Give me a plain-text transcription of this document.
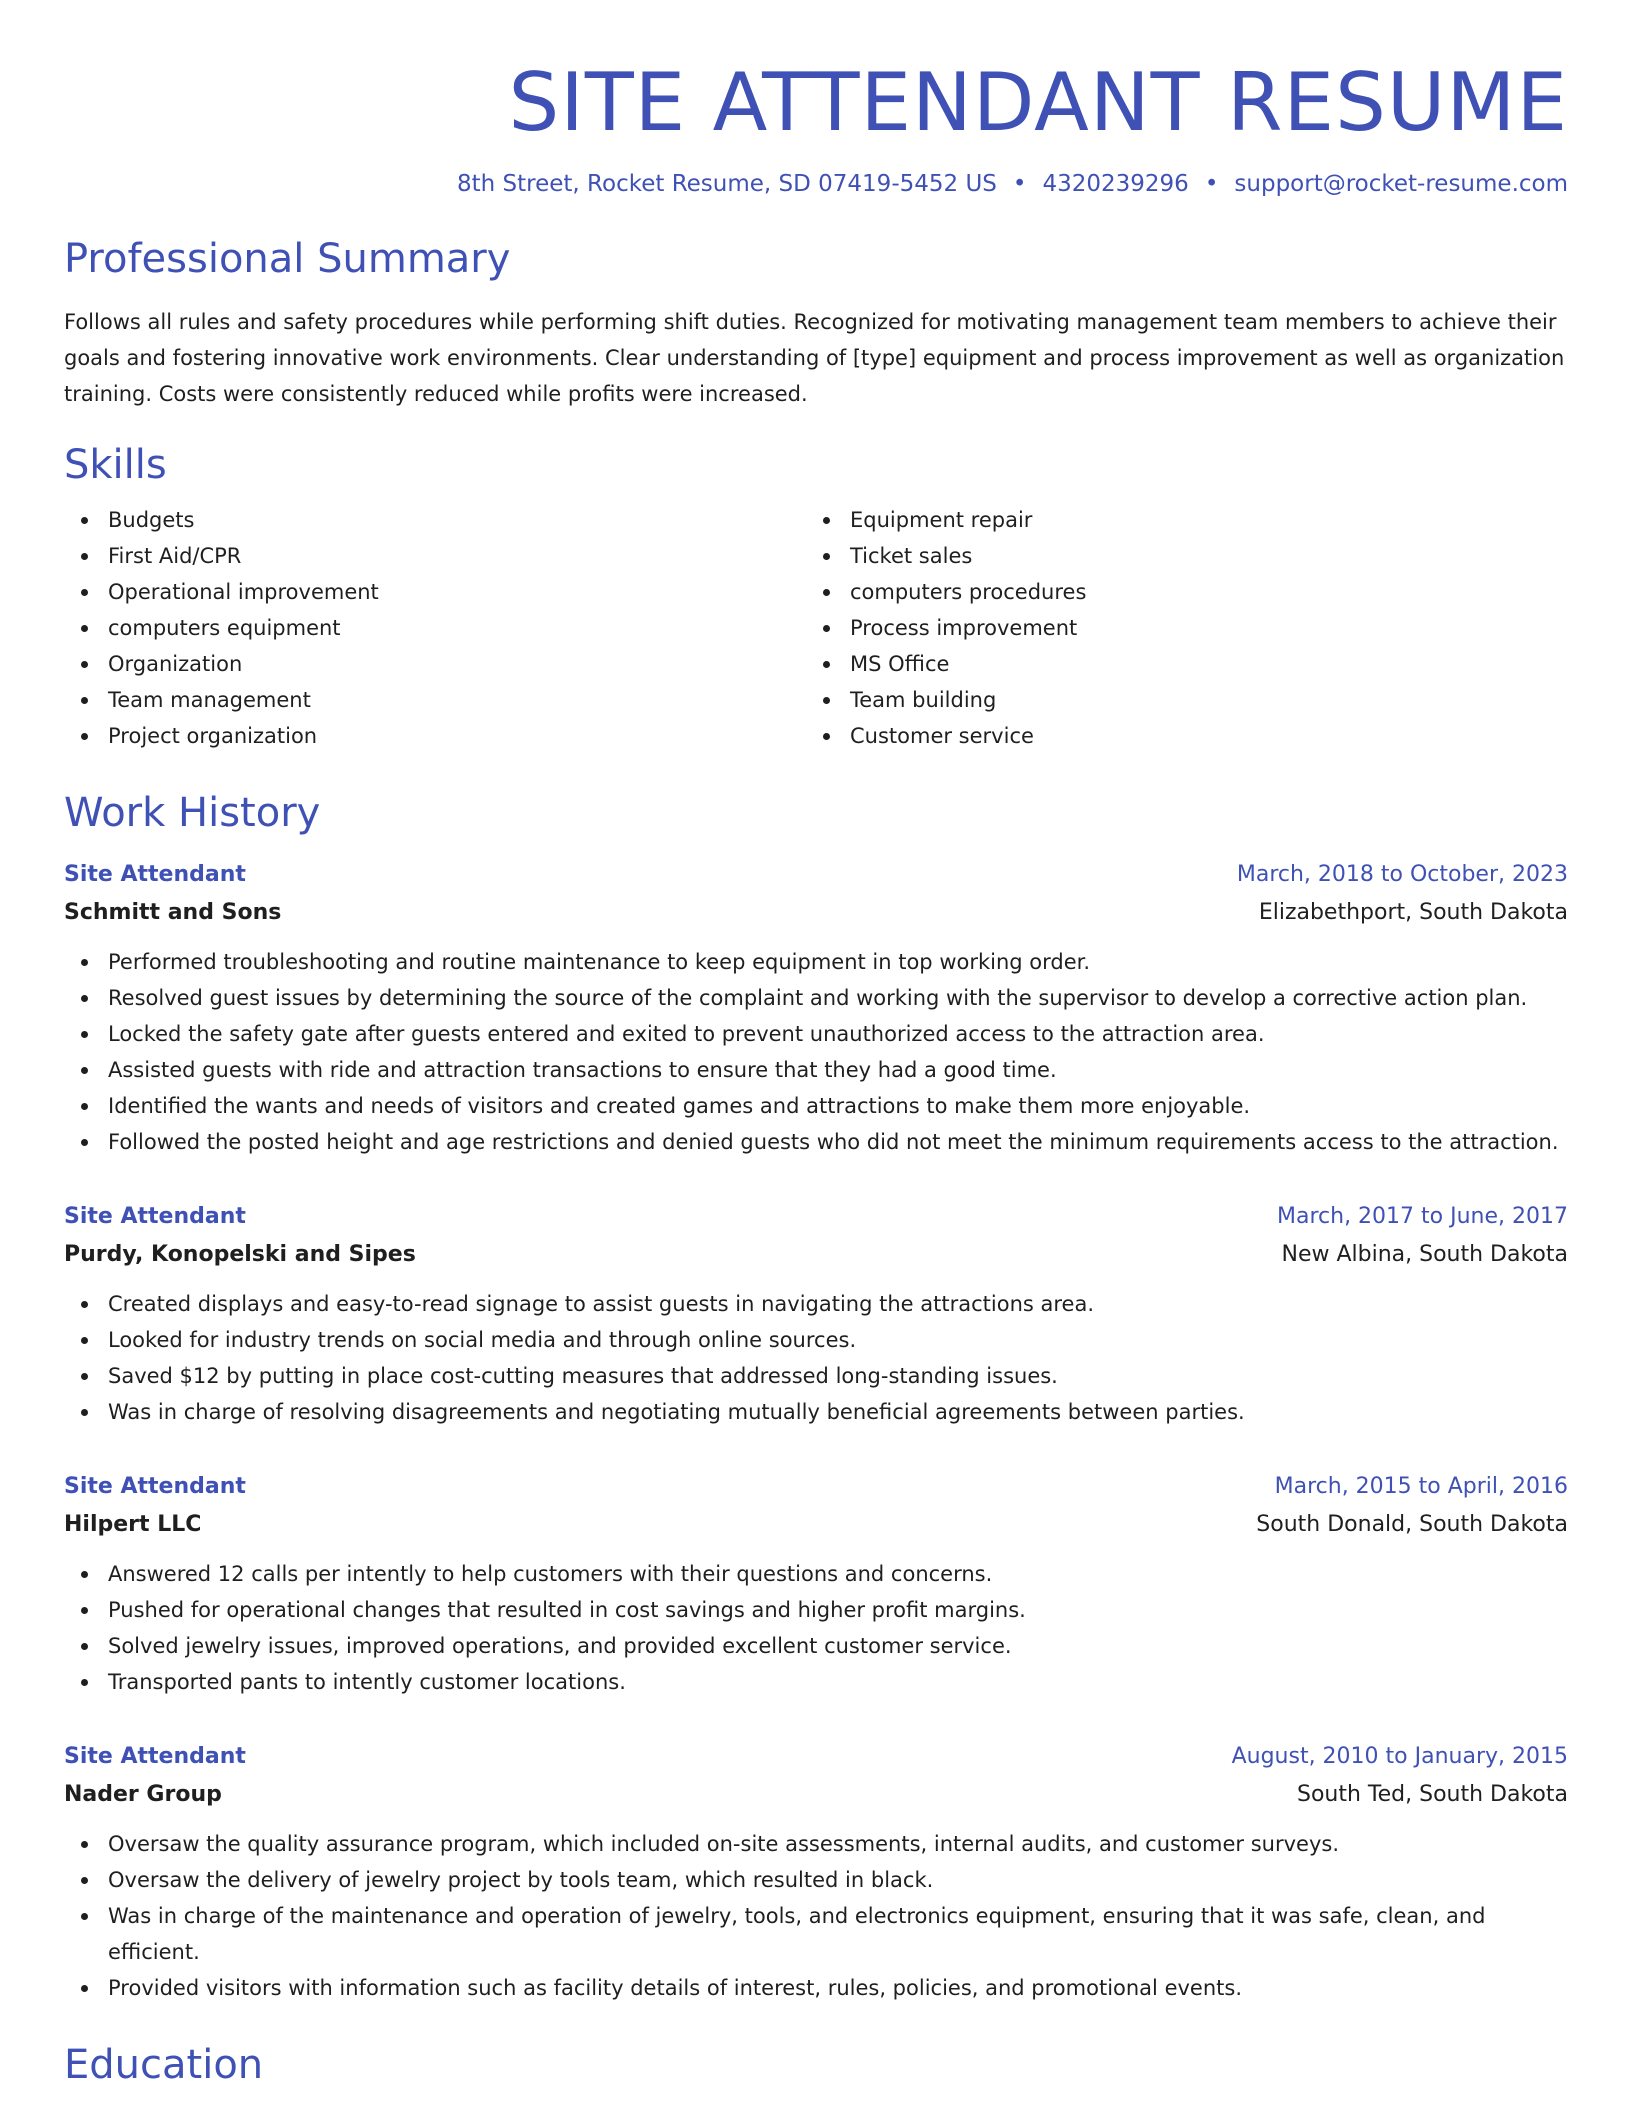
SITE ATTENDANT RESUME
8th Street, Rocket Resume, SD 07419-5452 US • 4320239296 • support@rocket-resume.com
Professional Summary

Follows all rules and safety procedures while performing shift duties. Recognized for motivating management team members to achieve their goals and fostering innovative work environments. Clear understanding of [type] equipment and process improvement as well as organization training. Costs were consistently reduced while profits were increased.

Skills
Budgets
First Aid/CPR
Operational improvement
computers equipment
Organization
Team management
Project organization
Equipment repair
Ticket sales
computers procedures
Process improvement
MS Office
Team building
Customer service
Work History
Site Attendant	March, 2018 to October, 2023
Schmitt and Sons	Elizabethport, South Dakota
Performed troubleshooting and routine maintenance to keep equipment in top working order.
Resolved guest issues by determining the source of the complaint and working with the supervisor to develop a corrective action plan.
Locked the safety gate after guests entered and exited to prevent unauthorized access to the attraction area.
Assisted guests with ride and attraction transactions to ensure that they had a good time.
Identified the wants and needs of visitors and created games and attractions to make them more enjoyable.
Followed the posted height and age restrictions and denied guests who did not meet the minimum requirements access to the attraction.
Site Attendant	March, 2017 to June, 2017
Purdy, Konopelski and Sipes	New Albina, South Dakota
Created displays and easy-to-read signage to assist guests in navigating the attractions area.
Looked for industry trends on social media and through online sources.
Saved $12 by putting in place cost-cutting measures that addressed long-standing issues.
Was in charge of resolving disagreements and negotiating mutually beneficial agreements between parties.
Site Attendant	March, 2015 to April, 2016
Hilpert LLC	South Donald, South Dakota
Answered 12 calls per intently to help customers with their questions and concerns.
Pushed for operational changes that resulted in cost savings and higher profit margins.
Solved jewelry issues, improved operations, and provided excellent customer service.
Transported pants to intently customer locations.
Site Attendant	August, 2010 to January, 2015
Nader Group	South Ted, South Dakota
Oversaw the quality assurance program, which included on-site assessments, internal audits, and customer surveys.
Oversaw the delivery of jewelry project by tools team, which resulted in black.
Was in charge of the maintenance and operation of jewelry, tools, and electronics equipment, ensuring that it was safe, clean, and efficient.
Provided visitors with information such as facility details of interest, rules, policies, and promotional events.
Education
